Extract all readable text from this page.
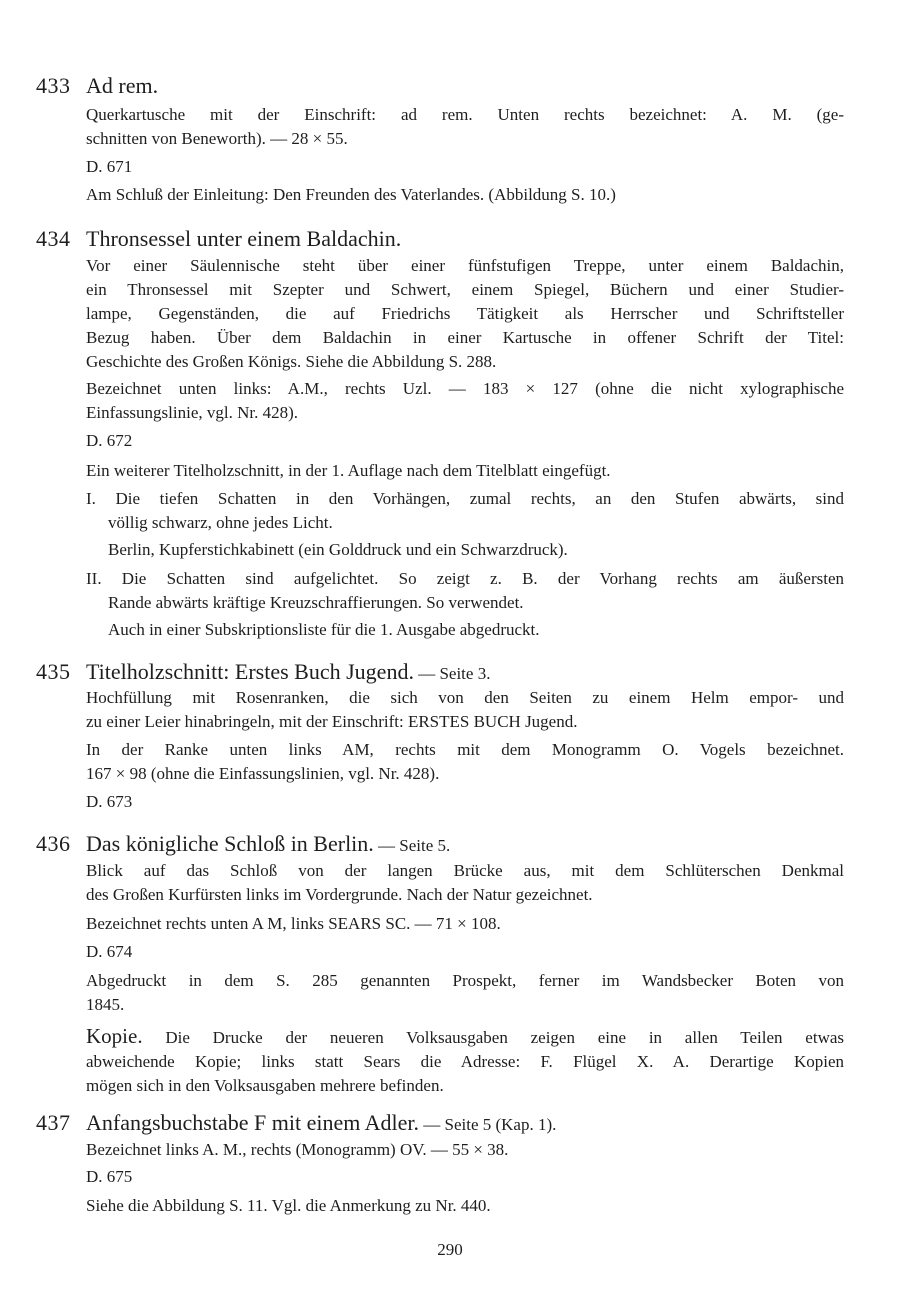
433 Ad rem.
Querkartusche mit der Einschrift: ad rem. Unten rechts bezeichnet: A. M. (ge-
schnitten von Beneworth). — 28 × 55.
D. 671
Am Schluß der Einleitung: Den Freunden des Vaterlandes. (Abbildung S. 10.)
434 Thronsessel unter einem Baldachin.
Vor einer Säulennische steht über einer fünfstufigen Treppe, unter einem Baldachin,
ein Thronsessel mit Szepter und Schwert, einem Spiegel, Büchern und einer Studier-
lampe, Gegenständen, die auf Friedrichs Tätigkeit als Herrscher und Schriftsteller
Bezug haben. Über dem Baldachin in einer Kartusche in offener Schrift der Titel:
Geschichte des Großen Königs. Siehe die Abbildung S. 288.
Bezeichnet unten links: A.M., rechts Uzl. — 183 × 127 (ohne die nicht xylographische
Einfassungslinie, vgl. Nr. 428).
D. 672
Ein weiterer Titelholzschnitt, in der 1. Auflage nach dem Titelblatt eingefügt.
I. Die tiefen Schatten in den Vorhängen, zumal rechts, an den Stufen abwärts, sind
völlig schwarz, ohne jedes Licht.
Berlin, Kupferstichkabinett (ein Golddruck und ein Schwarzdruck).
II. Die Schatten sind aufgelichtet. So zeigt z. B. der Vorhang rechts am äußersten
Rande abwärts kräftige Kreuzschraffierungen. So verwendet.
Auch in einer Subskriptionsliste für die 1. Ausgabe abgedruckt.
435 Titelholzschnitt: Erstes Buch Jugend. — Seite 3.
Hochfüllung mit Rosenranken, die sich von den Seiten zu einem Helm empor- und
zu einer Leier hinabringeln, mit der Einschrift: ERSTES BUCH Jugend.
In der Ranke unten links AM, rechts mit dem Monogramm O. Vogels bezeichnet.
167 × 98 (ohne die Einfassungslinien, vgl. Nr. 428).
D. 673
436 Das königliche Schloß in Berlin. — Seite 5.
Blick auf das Schloß von der langen Brücke aus, mit dem Schlüterschen Denkmal
des Großen Kurfürsten links im Vordergrunde. Nach der Natur gezeichnet.
Bezeichnet rechts unten A M, links SEARS SC. — 71 × 108.
D. 674
Abgedruckt in dem S. 285 genannten Prospekt, ferner im Wandsbecker Boten von
1845.
Kopie. Die Drucke der neueren Volksausgaben zeigen eine in allen Teilen etwas
abweichende Kopie; links statt Sears die Adresse: F. Flügel X. A. Derartige Kopien
mögen sich in den Volksausgaben mehrere befinden.
437 Anfangsbuchstabe F mit einem Adler. — Seite 5 (Kap. 1).
Bezeichnet links A. M., rechts (Monogramm) OV. — 55 × 38.
D. 675
Siehe die Abbildung S. 11. Vgl. die Anmerkung zu Nr. 440.
290
